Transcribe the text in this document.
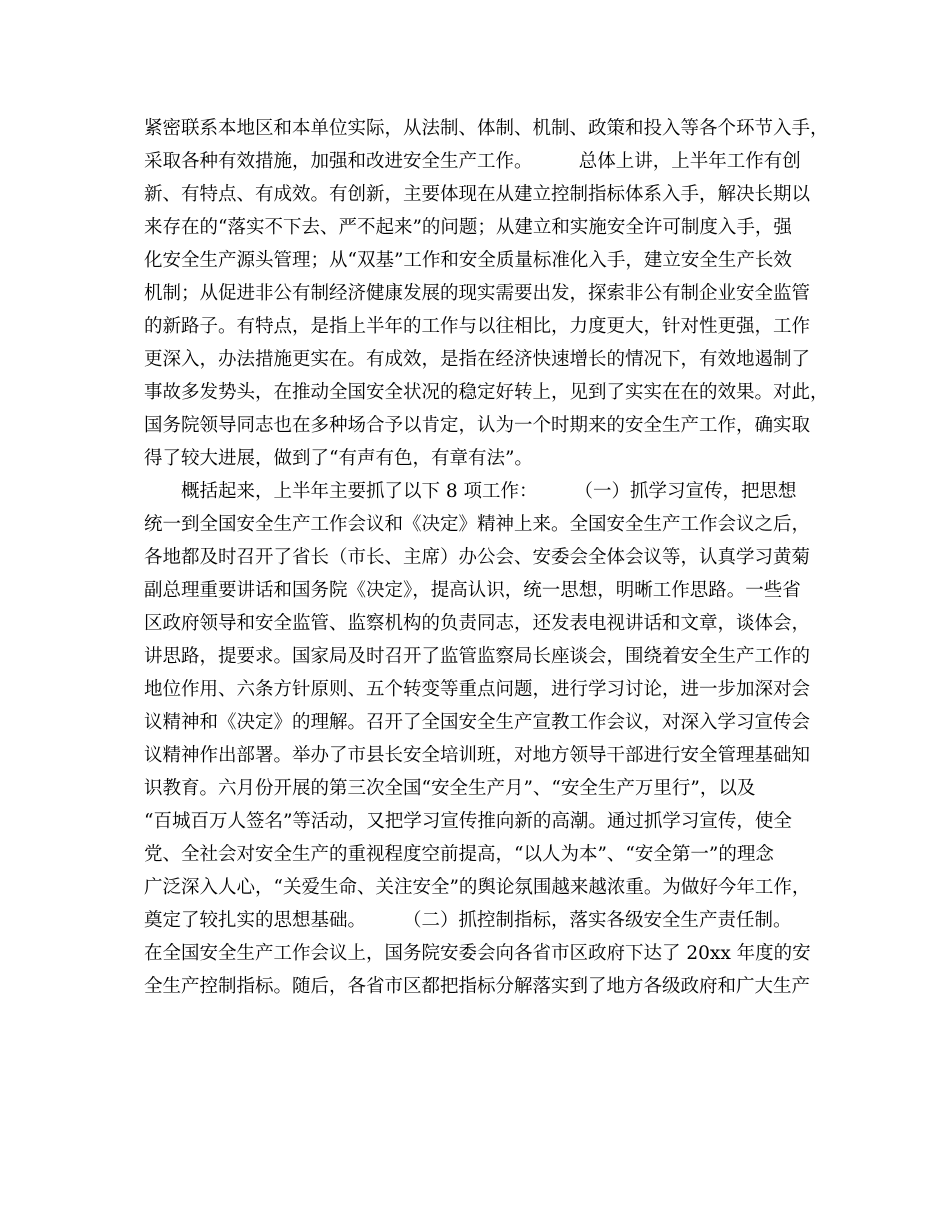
紧密联系本地区和本单位实际，从法制、体制、机制、政策和投入等各个环节入手，
采取各种有效措施，加强和改进安全生产工作。　　　总体上讲，上半年工作有创
新、有特点、有成效。有创新，主要体现在从建立控制指标体系入手，解决长期以
来存在的“落实不下去、严不起来”的问题；从建立和实施安全许可制度入手，强
化安全生产源头管理；从“双基”工作和安全质量标准化入手，建立安全生产长效
机制；从促进非公有制经济健康发展的现实需要出发，探索非公有制企业安全监管
的新路子。有特点，是指上半年的工作与以往相比，力度更大，针对性更强，工作
更深入，办法措施更实在。有成效，是指在经济快速增长的情况下，有效地遏制了
事故多发势头，在推动全国安全状况的稳定好转上，见到了实实在在的效果。对此，
国务院领导同志也在多种场合予以肯定，认为一个时期来的安全生产工作，确实取
得了较大进展，做到了“有声有色，有章有法”。
　　概括起来，上半年主要抓了以下 8 项工作：　　　（一）抓学习宣传，把思想
统一到全国安全生产工作会议和《决定》精神上来。全国安全生产工作会议之后，
各地都及时召开了省长（市长、主席）办公会、安委会全体会议等，认真学习黄菊
副总理重要讲话和国务院《决定》，提高认识，统一思想，明晰工作思路。一些省
区政府领导和安全监管、监察机构的负责同志，还发表电视讲话和文章，谈体会，
讲思路，提要求。国家局及时召开了监管监察局长座谈会，围绕着安全生产工作的
地位作用、六条方针原则、五个转变等重点问题，进行学习讨论，进一步加深对会
议精神和《决定》的理解。召开了全国安全生产宣教工作会议，对深入学习宣传会
议精神作出部署。举办了市县长安全培训班，对地方领导干部进行安全管理基础知
识教育。六月份开展的第三次全国“安全生产月”、“安全生产万里行”，以及
“百城百万人签名”等活动，又把学习宣传推向新的高潮。通过抓学习宣传，使全
党、全社会对安全生产的重视程度空前提高，“以人为本”、“安全第一”的理念
广泛深入人心，“关爱生命、关注安全”的舆论氛围越来越浓重。为做好今年工作，
奠定了较扎实的思想基础。　　　（二）抓控制指标，落实各级安全生产责任制。
在全国安全生产工作会议上，国务院安委会向各省市区政府下达了 20xx 年度的安
全生产控制指标。随后，各省市区都把指标分解落实到了地方各级政府和广大生产
